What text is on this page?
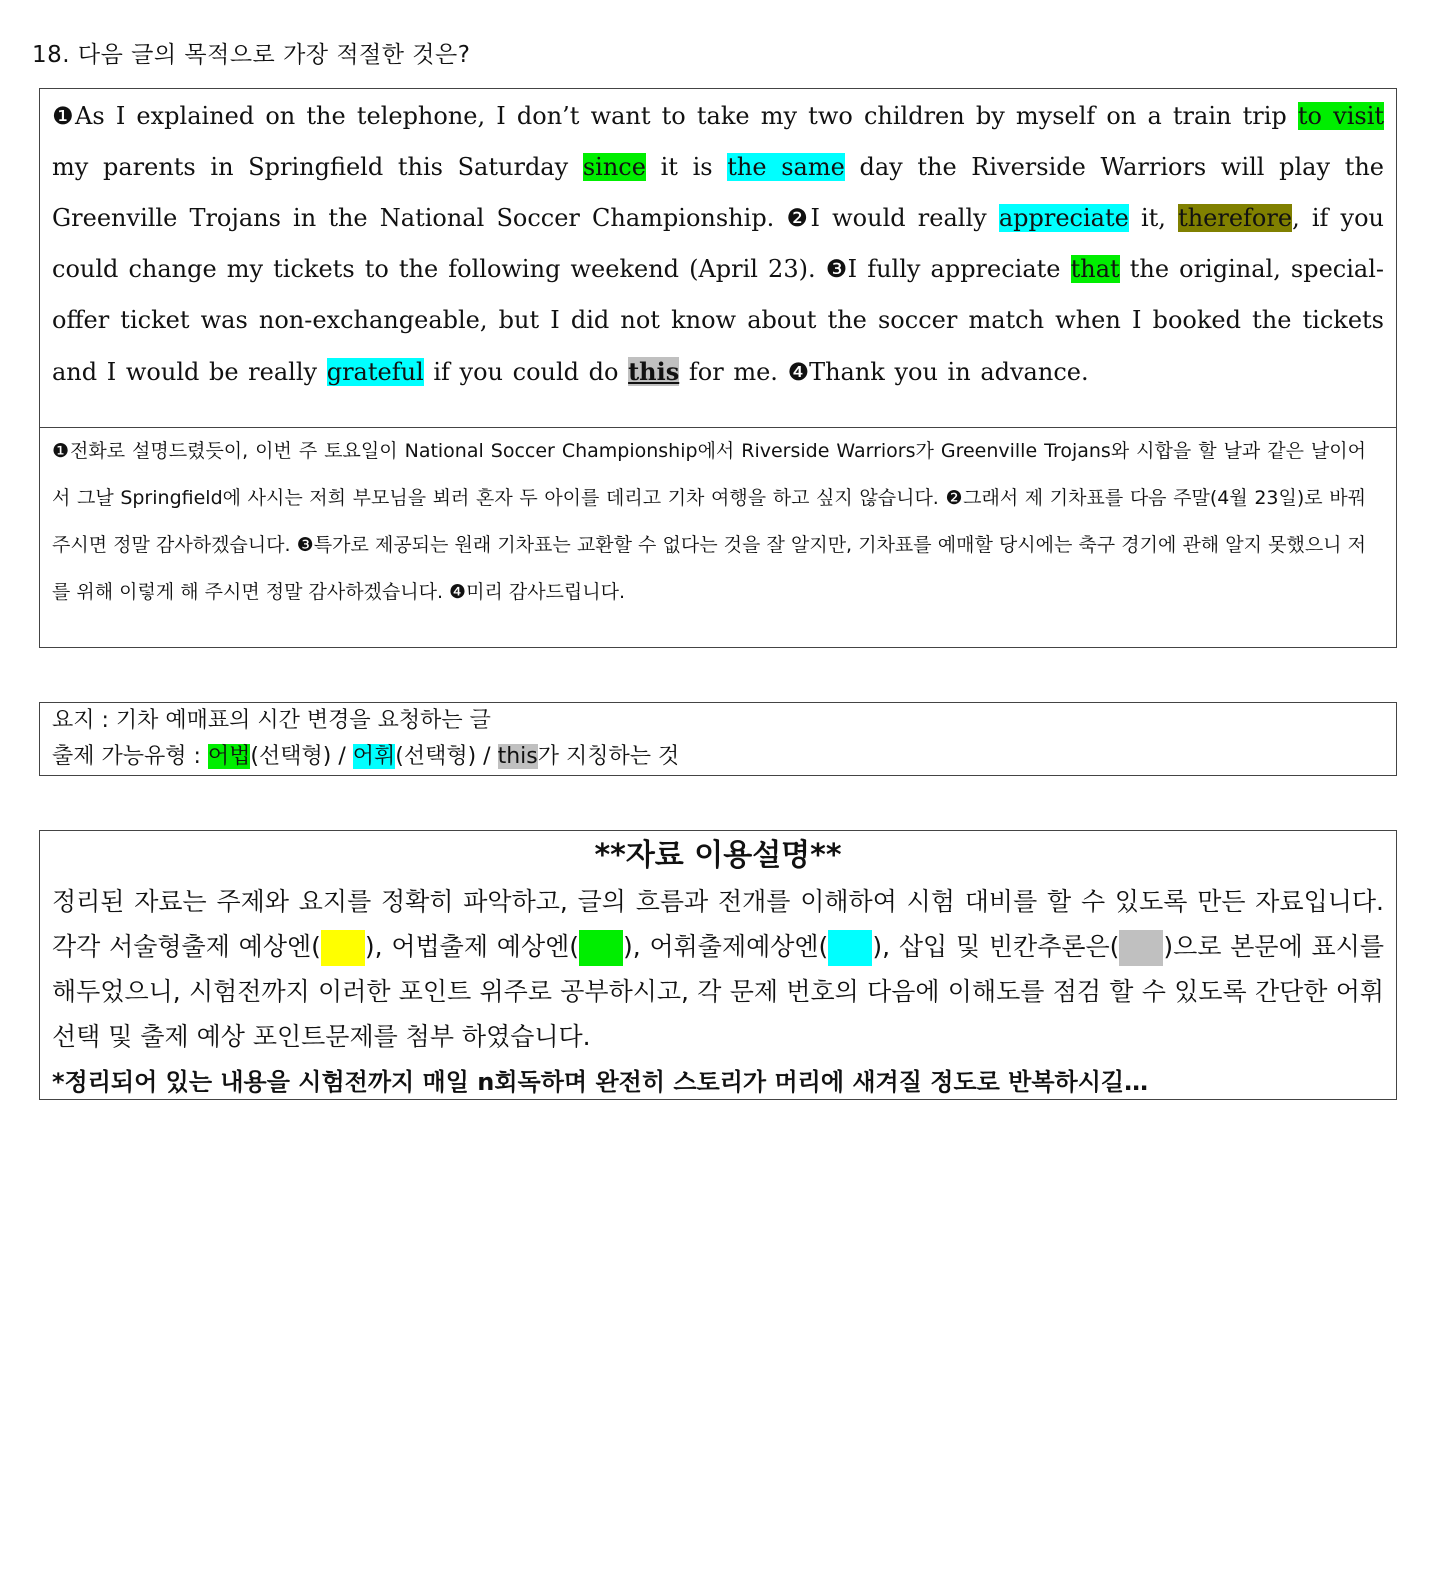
18. 다음 글의 목적으로 가장 적절한 것은?

❶As I explained on the telephone, I don’t want to take my two children by myself on a train trip to visit my parents in Springfield this Saturday since it is the same day the Riverside Warriors will play the Greenville Trojans in the National Soccer Championship. ❷I would really appreciate it, therefore, if you could change my tickets to the following weekend (April 23). ❸I fully appreciate that the original, special-offer ticket was non-exchangeable, but I did not know about the soccer match when I booked the tickets and I would be really grateful if you could do this for me. ❹Thank you in advance.

❶전화로 설명드렸듯이, 이번 주 토요일이 National Soccer Championship에서 Riverside Warriors가 Greenville Trojans와 시합을 할 날과 같은 날이어서 그날 Springfield에 사시는 저희 부모님을 뵈러 혼자 두 아이를 데리고 기차 여행을 하고 싶지 않습니다. ❷그래서 제 기차표를 다음 주말(4월 23일)로 바꿔 주시면 정말 감사하겠습니다. ❸특가로 제공되는 원래 기차표는 교환할 수 없다는 것을 잘 알지만, 기차표를 예매할 당시에는 축구 경기에 관해 알지 못했으니 저를 위해 이렇게 해 주시면 정말 감사하겠습니다. ❹미리 감사드립니다.

요지 : 기차 예매표의 시간 변경을 요청하는 글
출제 가능유형 : 어법(선택형) / 어휘(선택형) / this가 지칭하는 것
**자료 이용설명**

정리된 자료는 주제와 요지를 정확히 파악하고, 글의 흐름과 전개를 이해하여 시험 대비를 할 수 있도록 만든 자료입니다. 각각 서술형출제 예상엔( ), 어법출제 예상엔( ), 어휘출제예상엔( ), 삽입 및 빈칸추론은( )으로 본문에 표시를 해두었으니, 시험전까지 이러한 포인트 위주로 공부하시고, 각 문제 번호의 다음에 이해도를 점검 할 수 있도록 간단한 어휘선택 및 출제 예상 포인트문제를 첨부 하였습니다.

*정리되어 있는 내용을 시험전까지 매일 n회독하며 완전히 스토리가 머리에 새겨질 정도로 반복하시길…
